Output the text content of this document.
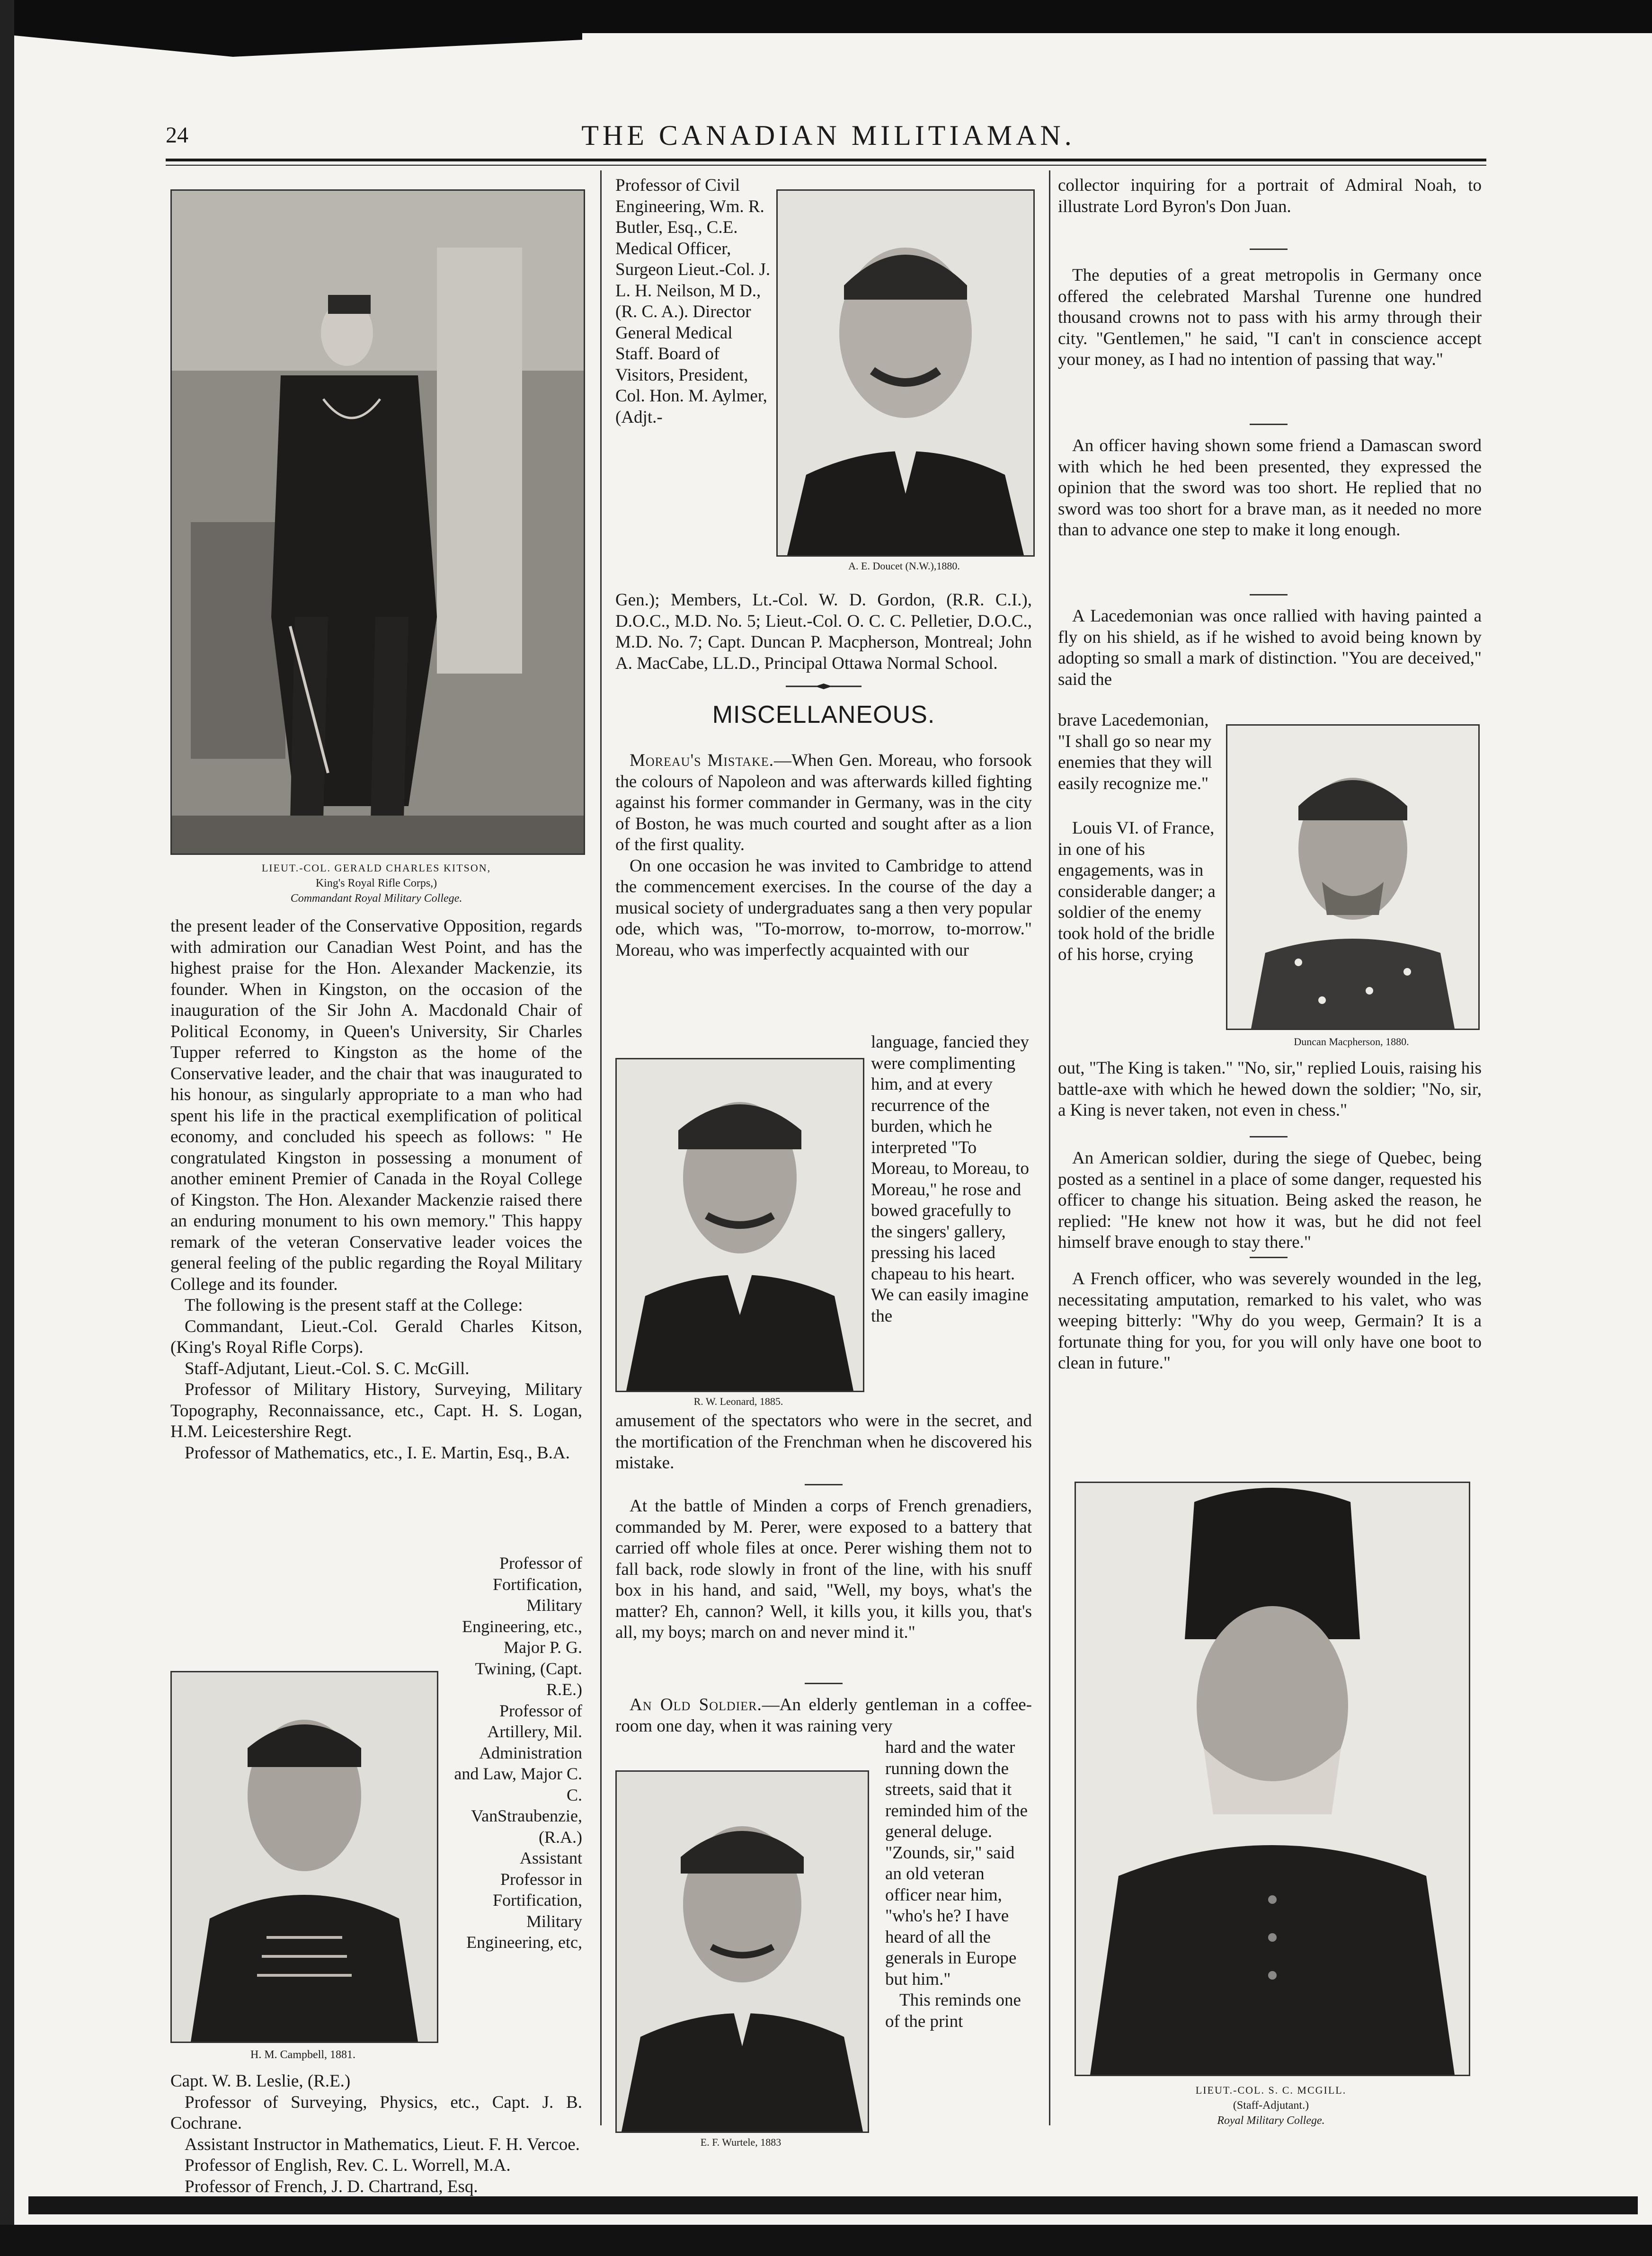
24	THE CANADIAN MILITIAMAN.
LIEUT.-COL. GERALD CHARLES KITSON,
King's Royal Rifle Corps,)
Commandant Royal Military College.

the present leader of the Conservative Opposition, regards with admiration our Canadian West Point, and has the highest praise for the Hon. Alexander Mackenzie, its founder. When in Kingston, on the occasion of the inauguration of the Sir John A. Macdonald Chair of Political Economy, in Queen's University, Sir Charles Tupper referred to Kingston as the home of the Conservative leader, and the chair that was inaugurated to his honour, as singularly appropriate to a man who had spent his life in the practical exemplification of political economy, and concluded his speech as follows: " He congratulated Kingston in possessing a monument of another eminent Premier of Canada in the Royal College of Kingston. The Hon. Alexander Mackenzie raised there an enduring monument to his own memory." This happy remark of the veteran Conservative leader voices the general feeling of the public regarding the Royal Military College and its founder.

The following is the present staff at the College:

Commandant, Lieut.-Col. Gerald Charles Kitson, (King's Royal Rifle Corps).

Staff-Adjutant, Lieut.-Col. S. C. McGill.

Professor of Military History, Surveying, Military Topography, Reconnaissance, etc., Capt. H. S. Logan, H.M. Leicestershire Regt.

Professor of Mathematics, etc., I. E. Martin, Esq., B.A.

H. M. Campbell, 1881.

Professor of Fortification, Military Engineering, etc., Major P. G. Twining, (Capt. R.E.)

Professor of Artillery, Mil. Administration and Law, Major C. C. VanStraubenzie, (R.A.)

Assistant Professor in Fortification, Military Engineering, etc,

Capt. W. B. Leslie, (R.E.)

Professor of Surveying, Physics, etc., Capt. J. B. Cochrane.

Assistant Instructor in Mathematics, Lieut. F. H. Vercoe.

Professor of English, Rev. C. L. Worrell, M.A.

Professor of French, J. D. Chartrand, Esq.

Professor of Civil Engineering, Wm. R. Butler, Esq., C.E. Medical Officer, Surgeon Lieut.-Col. J. L. H. Neilson, M D., (R. C. A.). Director General Medical Staff. Board of Visitors, President, Col. Hon. M. Aylmer, (Adjt.-

A. E. Doucet (N.W.),1880.

Gen.); Members, Lt.-Col. W. D. Gordon, (R.R. C.I.), D.O.C., M.D. No. 5; Lieut.-Col. O. C. C. Pelletier, D.O.C., M.D. No. 7; Capt. Duncan P. Macpherson, Montreal; John A. MacCabe, LL.D., Principal Ottawa Normal School.

MISCELLANEOUS.

Moreau's Mistake.—When Gen. Moreau, who forsook the colours of Napoleon and was afterwards killed fighting against his former commander in Germany, was in the city of Boston, he was much courted and sought after as a lion of the first quality.

On one occasion he was invited to Cambridge to attend the commencement exercises. In the course of the day a musical society of undergraduates sang a then very popular ode, which was, "To-morrow, to-morrow, to-morrow." Moreau, who was imperfectly acquainted with our

R. W. Leonard, 1885.

language, fancied they were complimenting him, and at every recurrence of the burden, which he interpreted "To Moreau, to Moreau, to Moreau," he rose and bowed gracefully to the singers' gallery, pressing his laced chapeau to his heart. We can easily imagine the

amusement of the spectators who were in the secret, and the mortification of the Frenchman when he discovered his mistake.

At the battle of Minden a corps of French grenadiers, commanded by M. Perer, were exposed to a battery that carried off whole files at once. Perer wishing them not to fall back, rode slowly in front of the line, with his snuff box in his hand, and said, "Well, my boys, what's the matter? Eh, cannon? Well, it kills you, it kills you, that's all, my boys; march on and never mind it."

An Old Soldier.—An elderly gentleman in a coffee-room one day, when it was raining very

E. F. Wurtele, 1883

hard and the water running down the streets, said that it reminded him of the general deluge. "Zounds, sir," said an old veteran officer near him, "who's he? I have heard of all the generals in Europe but him."

This reminds one of the print

collector inquiring for a portrait of Admiral Noah, to illustrate Lord Byron's Don Juan.

The deputies of a great metropolis in Germany once offered the celebrated Marshal Turenne one hundred thousand crowns not to pass with his army through their city. "Gentlemen," he said, "I can't in conscience accept your money, as I had no intention of passing that way."

An officer having shown some friend a Damascan sword with which he hed been presented, they expressed the opinion that the sword was too short. He replied that no sword was too short for a brave man, as it needed no more than to advance one step to make it long enough.

A Lacedemonian was once rallied with having painted a fly on his shield, as if he wished to avoid being known by adopting so small a mark of distinction. "You are deceived," said the

brave Lacedemonian, "I shall go so near my enemies that they will easily recognize me."

Louis VI. of France, in one of his engagements, was in considerable danger; a soldier of the enemy took hold of the bridle of his horse, crying

Duncan Macpherson, 1880.

out, "The King is taken." "No, sir," replied Louis, raising his battle-axe with which he hewed down the soldier; "No, sir, a King is never taken, not even in chess."

An American soldier, during the siege of Quebec, being posted as a sentinel in a place of some danger, requested his officer to change his situation. Being asked the reason, he replied: "He knew not how it was, but he did not feel himself brave enough to stay there."

A French officer, who was severely wounded in the leg, necessitating amputation, remarked to his valet, who was weeping bitterly: "Why do you weep, Germain? It is a fortunate thing for you, for you will only have one boot to clean in future."

LIEUT.-COL. S. C. MCGILL.
(Staff-Adjutant.)
Royal Military College.
